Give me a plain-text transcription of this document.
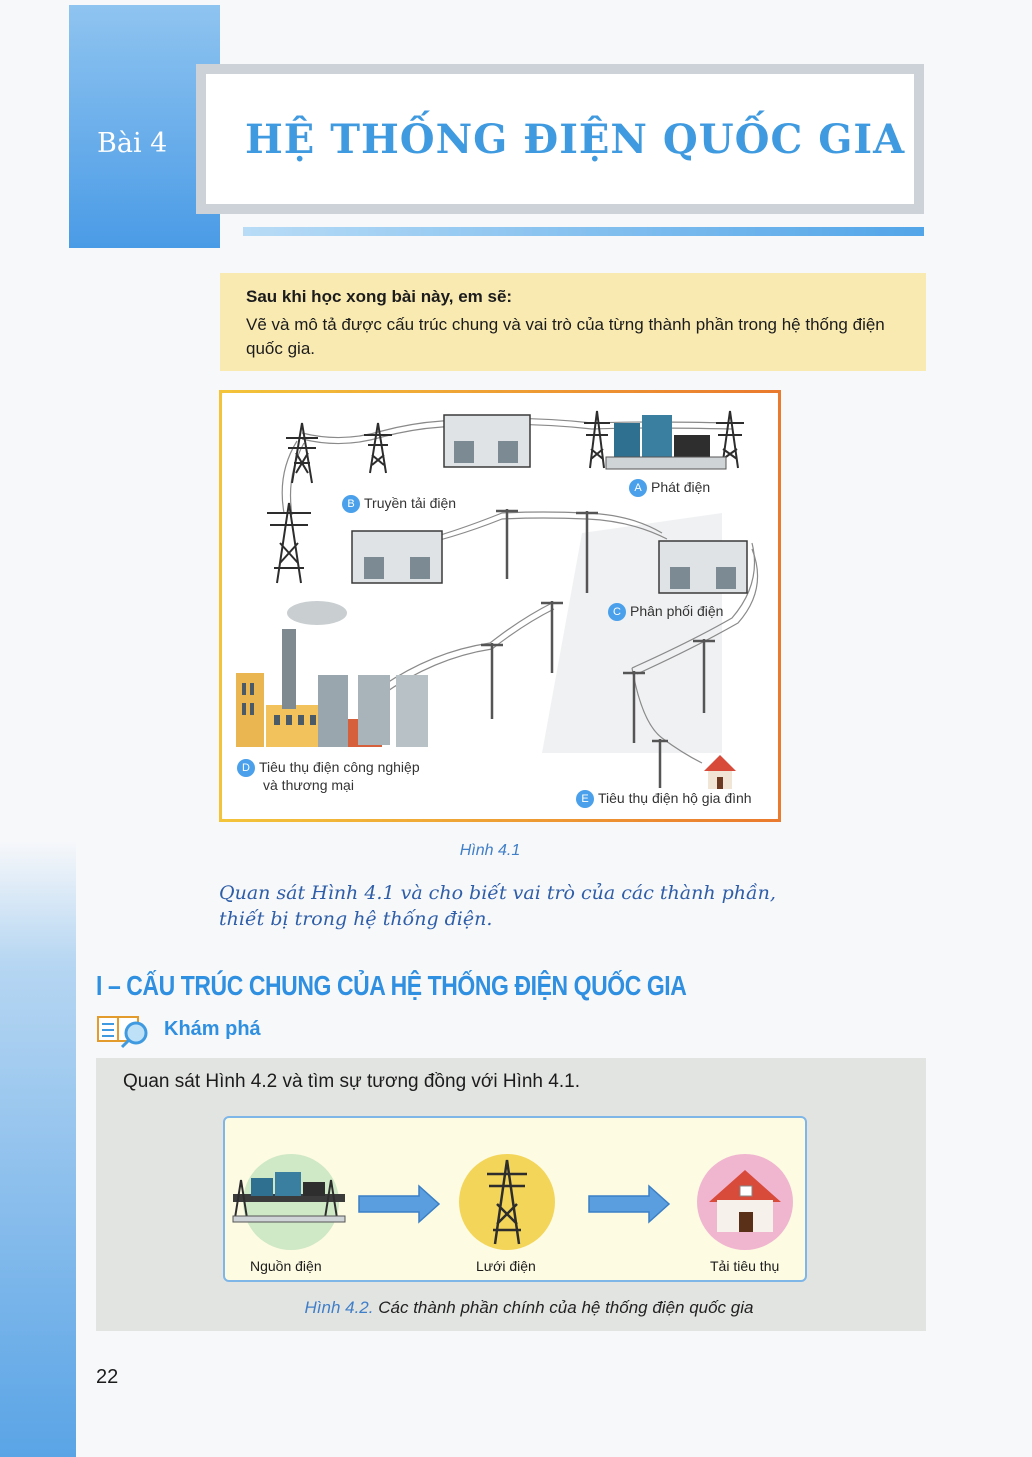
Bài 4 HỆ THỐNG ĐIỆN QUỐC GIA
Sau khi học xong bài này, em sẽ:
Vẽ và mô tả được cấu trúc chung và vai trò của từng thành phần trong hệ thống điện quốc gia.
A Phát điện
B Truyền tải điện
C Phân phối điện
D Tiêu thụ điện công nghiệp
và thương mại
E Tiêu thụ điện hộ gia đình
Hình 4.1
Quan sát Hình 4.1 và cho biết vai trò của các thành phần, thiết bị trong hệ thống điện.
I – CẤU TRÚC CHUNG CỦA HỆ THỐNG ĐIỆN QUỐC GIA
Khám phá
Quan sát Hình 4.2 và tìm sự tương đồng với Hình 4.1.
Nguồn điện	Lưới điện	Tải tiêu thụ
Hình 4.2. Các thành phần chính của hệ thống điện quốc gia
22
